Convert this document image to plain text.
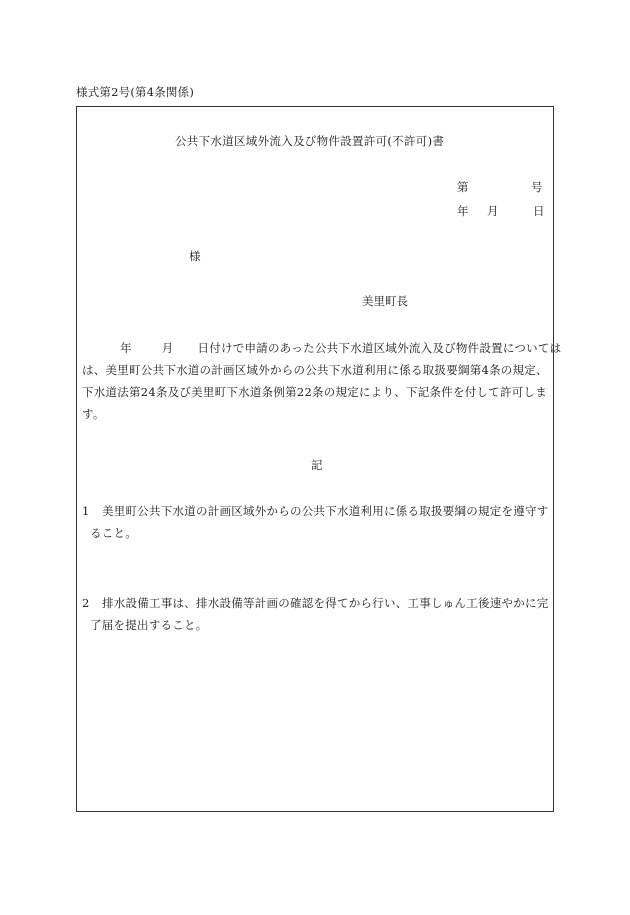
様式第2号(第4条関係)
公共下水道区域外流入及び物件設置許可(不許可)書
第	号
年 月	日
様
美里町長
年	月 日付けで申請のあった公共下水道区域外流入及び物件設置については
は、美里町公共下水道の計画区域外からの公共下水道利用に係る取扱要綱第4条の規定、
下水道法第24条及び美里町下水道条例第22条の規定により、下記条件を付して許可しま
す。
記
1 美里町公共下水道の計画区域外からの公共下水道利用に係る取扱要綱の規定を遵守す
ること。
2 排水設備工事は、排水設備等計画の確認を得てから行い、工事しゅん工後速やかに完
了届を提出すること。
